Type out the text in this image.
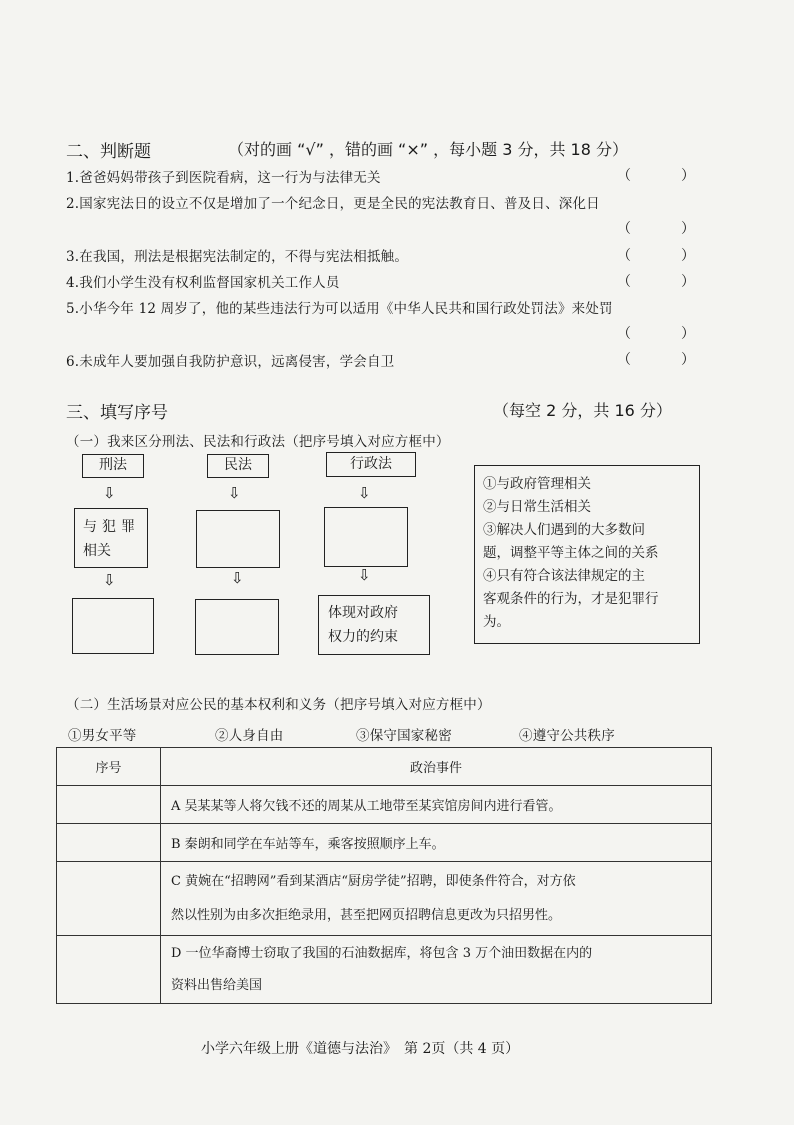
二、判断题	（对的画 “√” ，错的画 “×” ，每小题 3 分，共 18 分）
1.爸爸妈妈带孩子到医院看病，这一行为与法律无关	（	）
2.国家宪法日的设立不仅是增加了一个纪念日，更是全民的宪法教育日、普及日、深化日
（	）
3.在我国，刑法是根据宪法制定的，不得与宪法相抵触。	（	）
4.我们小学生没有权利监督国家机关工作人员	（	）
5.小华今年 12 周岁了，他的某些违法行为可以适用《中华人民共和国行政处罚法》来处罚
（	）
6.未成年人要加强自我防护意识，远离侵害，学会自卫	（	）
三、填写序号	（每空 2 分，共 16 分）
（一）我来区分刑法、民法和行政法（把序号填入对应方框中）
刑法	民法	行政法
⇩	⇩	⇩
与犯罪
相关
⇩	⇩	⇩
体现对政府
权力的约束
①与政府管理相关
②与日常生活相关
③解决人们遇到的大多数问
题，调整平等主体之间的关系
④只有符合该法律规定的主
客观条件的行为，才是犯罪行
为。
（二）生活场景对应公民的基本权利和义务（把序号填入对应方框中）
①男女平等	②人身自由	③保守国家秘密	④遵守公共秩序
序号	政治事件
	A 吴某某等人将欠钱不还的周某从工地带至某宾馆房间内进行看管。
	B 秦朗和同学在车站等车，乘客按照顺序上车。

	C 黄婉在“招聘网”看到某酒店“厨房学徒”招聘，即使条件符合，对方依
然以性别为由多次拒绝录用，甚至把网页招聘信息更改为只招男性。

	D 一位华裔博士窃取了我国的石油数据库，将包含 3 万个油田数据在内的
资料出售给美国
小学六年级上册《道德与法治》　第 2页（共 4 页）
